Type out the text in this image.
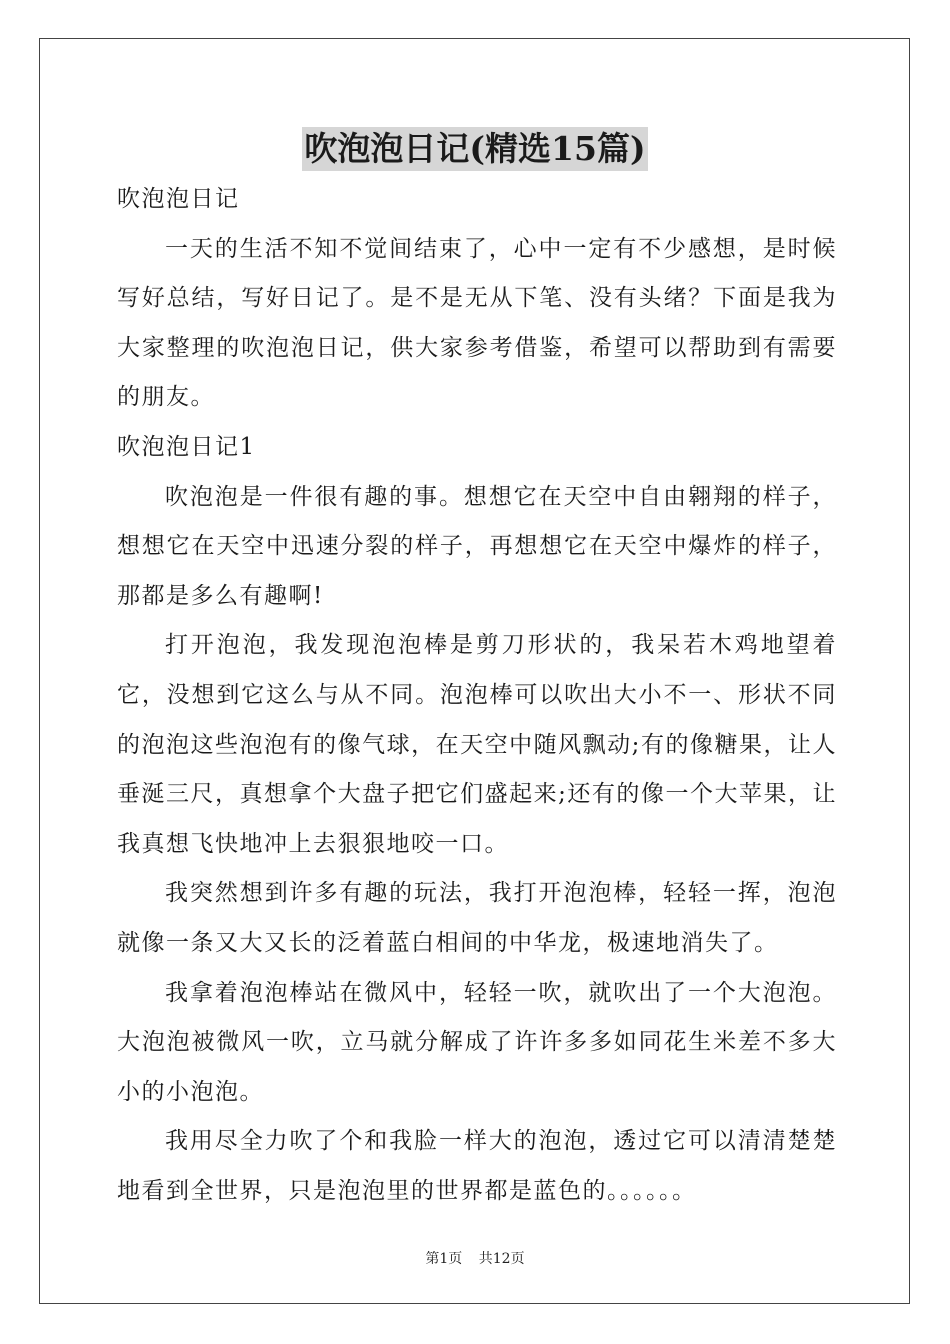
吹泡泡日记(精选15篇)

吹泡泡日记

一天的生活不知不觉间结束了，心中一定有不少感想，是时候写好总结，写好日记了。是不是无从下笔、没有头绪？下面是我为大家整理的吹泡泡日记，供大家参考借鉴，希望可以帮助到有需要的朋友。

吹泡泡日记1

吹泡泡是一件很有趣的事。想想它在天空中自由翱翔的样子，想想它在天空中迅速分裂的样子，再想想它在天空中爆炸的样子，那都是多么有趣啊!

打开泡泡，我发现泡泡棒是剪刀形状的，我呆若木鸡地望着它，没想到它这么与从不同。泡泡棒可以吹出大小不一、形状不同的泡泡这些泡泡有的像气球，在天空中随风飘动;有的像糖果，让人垂涎三尺，真想拿个大盘子把它们盛起来;还有的像一个大苹果，让我真想飞快地冲上去狠狠地咬一口。

我突然想到许多有趣的玩法，我打开泡泡棒，轻轻一挥，泡泡就像一条又大又长的泛着蓝白相间的中华龙，极速地消失了。

我拿着泡泡棒站在微风中，轻轻一吹，就吹出了一个大泡泡。大泡泡被微风一吹，立马就分解成了许许多多如同花生米差不多大小的小泡泡。

我用尽全力吹了个和我脸一样大的泡泡，透过它可以清清楚楚地看到全世界，只是泡泡里的世界都是蓝色的。。。。。。

第1页 共12页
